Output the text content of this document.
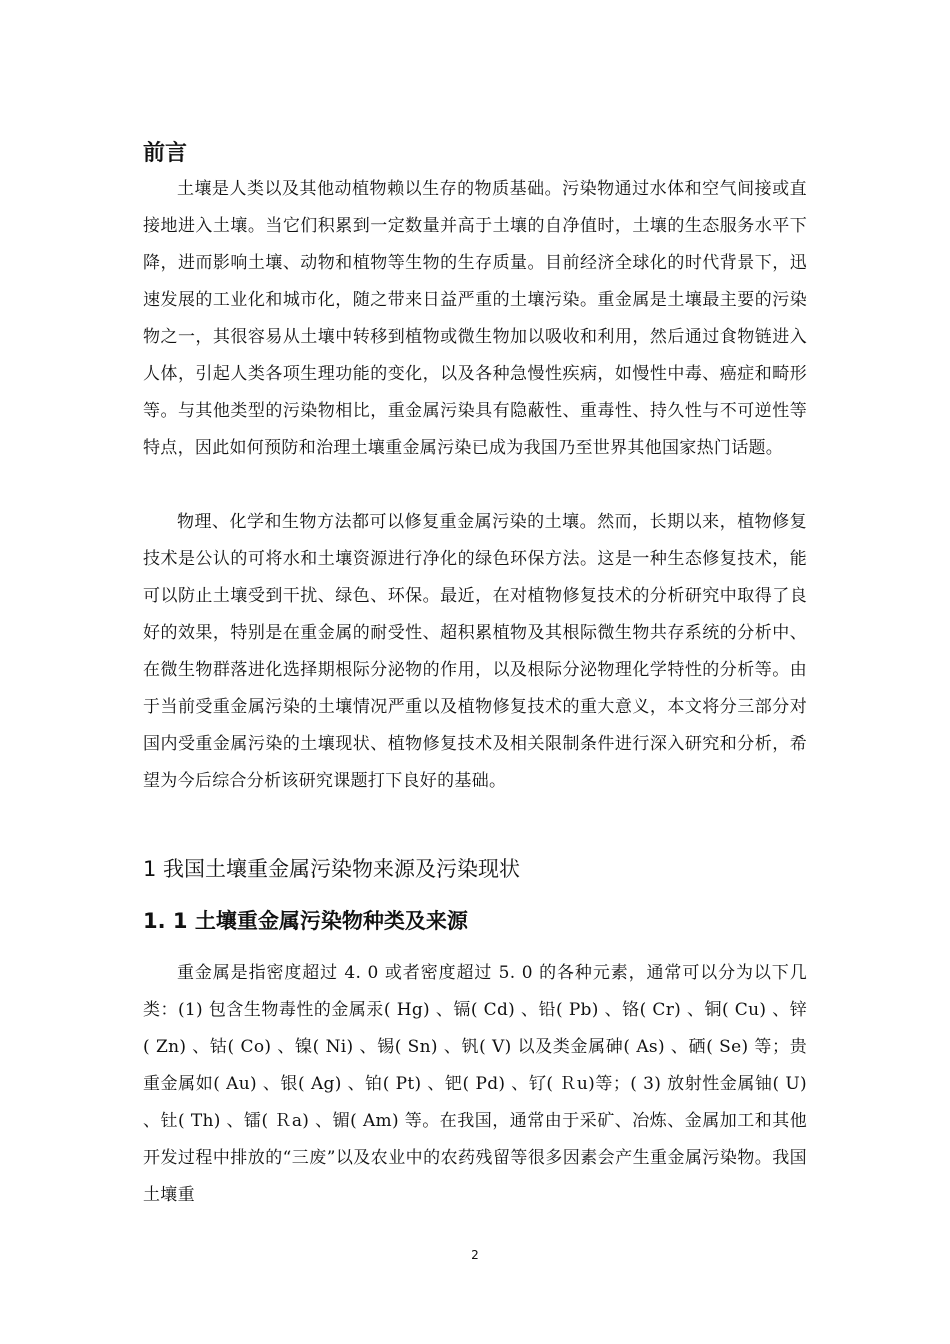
前言

土壤是人类以及其他动植物赖以生存的物质基础。污染物通过水体和空气间接或直接地进入土壤。当它们积累到一定数量并高于土壤的自净值时，土壤的生态服务水平下降，进而影响土壤、动物和植物等生物的生存质量。目前经济全球化的时代背景下，迅速发展的工业化和城市化，随之带来日益严重的土壤污染。重金属是土壤最主要的污染物之一，其很容易从土壤中转移到植物或微生物加以吸收和利用，然后通过食物链进入人体，引起人类各项生理功能的变化，以及各种急慢性疾病，如慢性中毒、癌症和畸形等。与其他类型的污染物相比，重金属污染具有隐蔽性、重毒性、持久性与不可逆性等特点，因此如何预防和治理土壤重金属污染已成为我国乃至世界其他国家热门话题。

物理、化学和生物方法都可以修复重金属污染的土壤。然而，长期以来，植物修复技术是公认的可将水和土壤资源进行净化的绿色环保方法。这是一种生态修复技术，能可以防止土壤受到干扰、绿色、环保。最近，在对植物修复技术的分析研究中取得了良好的效果，特别是在重金属的耐受性、超积累植物及其根际微生物共存系统的分析中、在微生物群落进化选择期根际分泌物的作用，以及根际分泌物理化学特性的分析等。由于当前受重金属污染的土壤情况严重以及植物修复技术的重大意义，本文将分三部分对国内受重金属污染的土壤现状、植物修复技术及相关限制条件进行深入研究和分析，希望为今后综合分析该研究课题打下良好的基础。

1 我国土壤重金属污染物来源及污染现状
1. 1 土壤重金属污染物种类及来源

重金属是指密度超过 4. 0 或者密度超过 5. 0 的各种元素，通常可以分为以下几类：(1) 包含生物毒性的金属汞( Hg) 、镉( Cd) 、铅( Pb) 、铬( Cr) 、铜( Cu) 、锌( Zn) 、钴( Co) 、镍( Ni) 、锡( Sn) 、钒( V) 以及类金属砷( As) 、硒( Se) 等；贵重金属如( Au) 、银( Ag) 、铂( Pt) 、钯( Pd) 、钌( Ｒu)等；( 3) 放射性金属铀( U) 、钍( Th) 、镭( Ｒa) 、镅( Am) 等。在我国，通常由于采矿、冶炼、金属加工和其他开发过程中排放的“三废”以及农业中的农药残留等很多因素会产生重金属污染物。我国土壤重

2
